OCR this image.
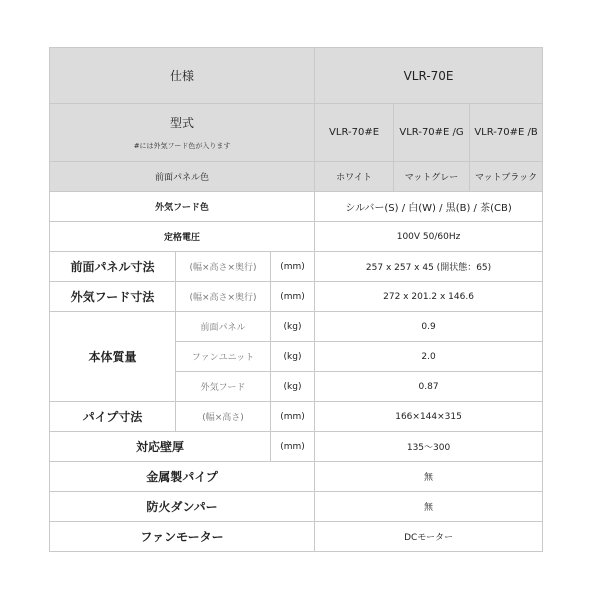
仕様			VLR-70E		

型式
#には外気フード色が入ります			VLR-70#E	VLR-70#E /G	VLR-70#E /B
前面パネル色			ホワイト	マットグレー	マットブラック
外気フード色			シルバー(S) / 白(W) / 黒(B) / 茶(CB)		
定格電圧			100V 50/60Hz		
前面パネル寸法	(幅×高さ×奥行)	(mm)	257 x 257 x 45 (開状態：65)		
外気フード寸法	(幅×高さ×奥行)	(mm)	272 x 201.2 x 146.6		
本体質量	前面パネル	(kg)	0.9		
	ファンユニット	(kg)	2.0		
	外気フード	(kg)	0.87		
パイプ寸法	(幅×高さ)	(mm)	166×144×315		
対応壁厚		(mm)	135～300		
金属製パイプ			無		
防火ダンパー			無		
ファンモーター			DCモーター		
